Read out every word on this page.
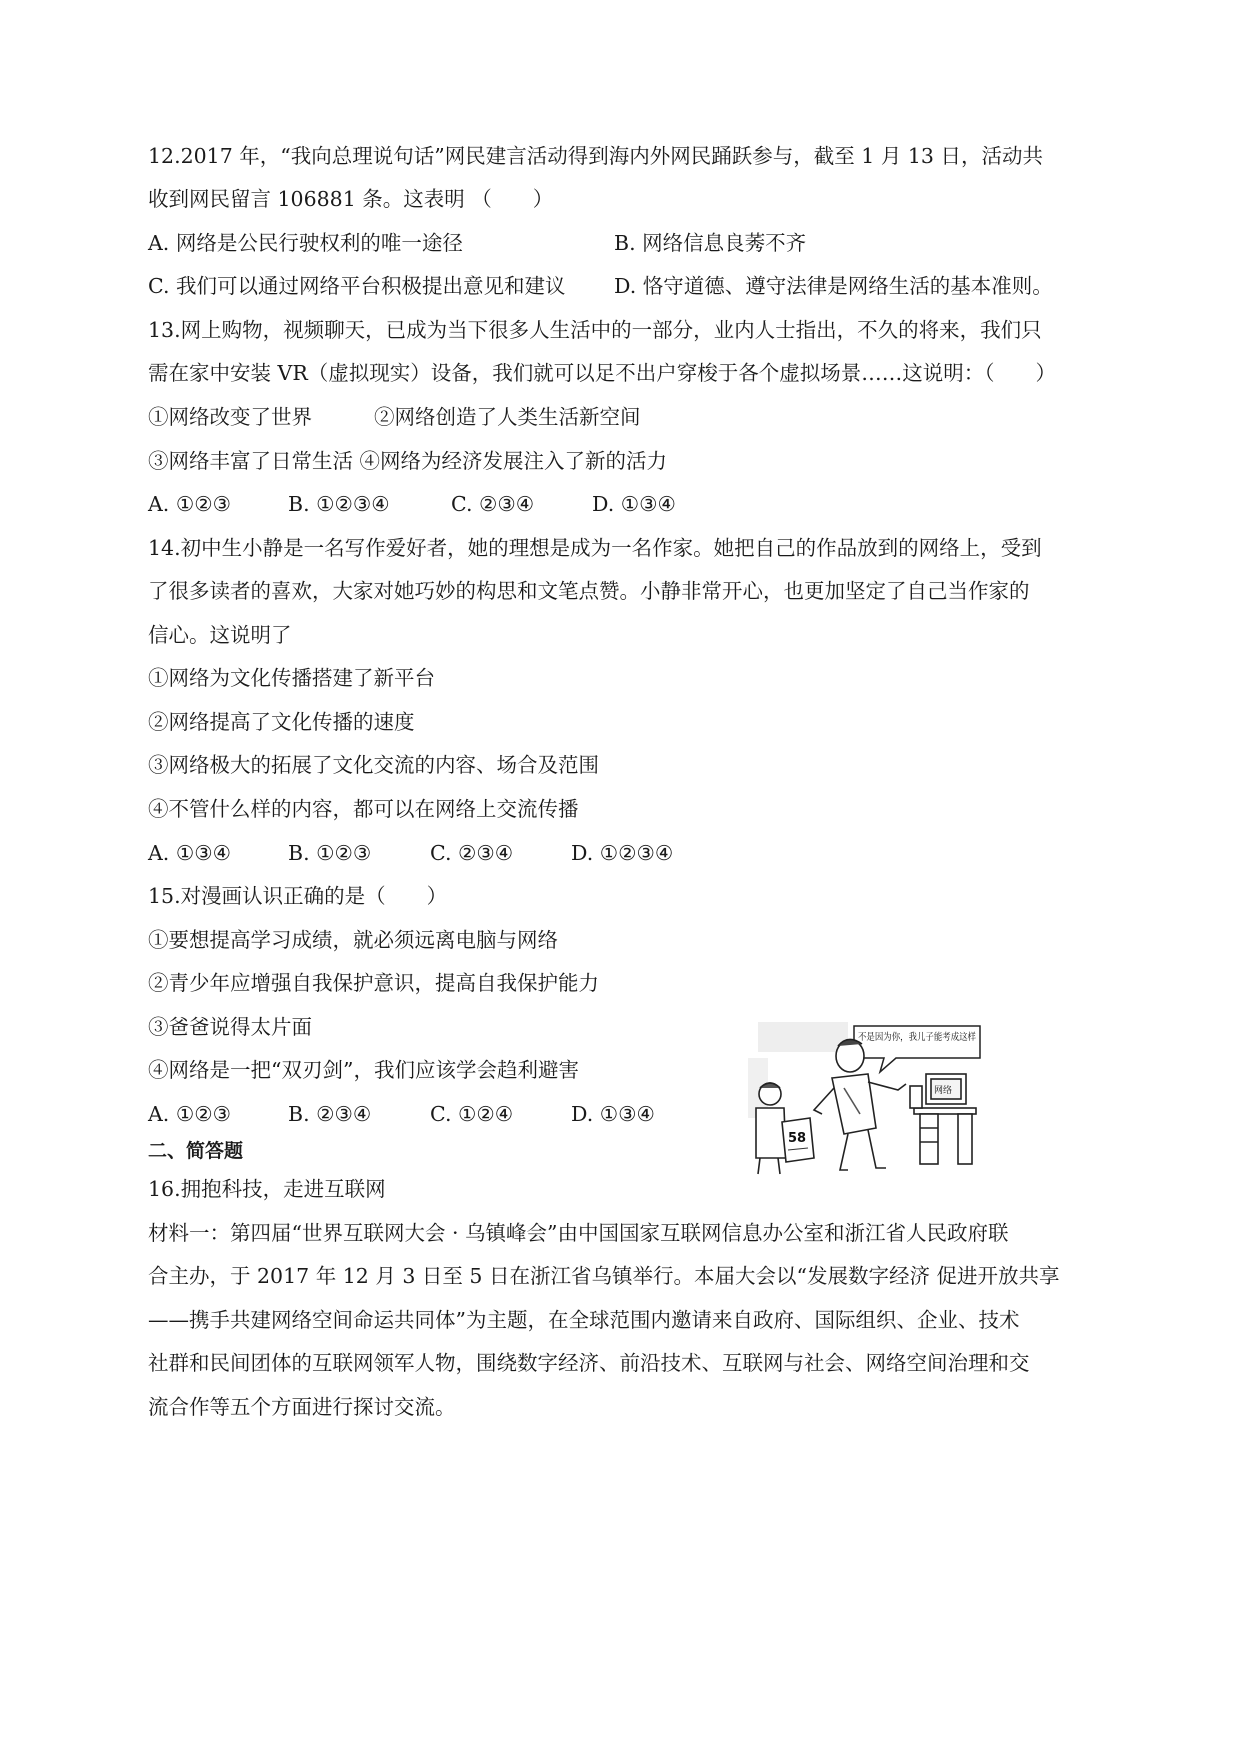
12.2017 年，“我向总理说句话”网民建言活动得到海内外网民踊跃参与，截至 1 月 13 日，活动共
收到网民留言 106881 条。这表明 （　　）
A. 网络是公民行驶权利的唯一途径	B. 网络信息良莠不齐
C. 我们可以通过网络平台积极提出意见和建议 D. 恪守道德、遵守法律是网络生活的基本准则。
13.网上购物，视频聊天，已成为当下很多人生活中的一部分，业内人士指出，不久的将来，我们只
需在家中安装 VR（虚拟现实）设备，我们就可以足不出户穿梭于各个虚拟场景……这说明：（　　）
①网络改变了世界	②网络创造了人类生活新空间
③网络丰富了日常生活 ④网络为经济发展注入了新的活力
A. ①②③	B. ①②③④	C. ②③④	D. ①③④
14.初中生小静是一名写作爱好者，她的理想是成为一名作家。她把自己的作品放到的网络上，受到
了很多读者的喜欢，大家对她巧妙的构思和文笔点赞。小静非常开心，也更加坚定了自己当作家的
信心。这说明了
①网络为文化传播搭建了新平台
②网络提高了文化传播的速度
③网络极大的拓展了文化交流的内容、场合及范围
④不管什么样的内容，都可以在网络上交流传播
A. ①③④	B. ①②③	C. ②③④	D. ①②③④
15.对漫画认识正确的是（　　）
①要想提高学习成绩，就必须远离电脑与网络
②青少年应增强自我保护意识，提高自我保护能力
③爸爸说得太片面
④网络是一把“双刃剑”，我们应该学会趋利避害
A. ①②③	B. ②③④	C. ①②④	D. ①③④
不是因为你，我儿子能考成这样
58
网络
二、简答题
16.拥抱科技，走进互联网
材料一：第四届“世界互联网大会 · 乌镇峰会”由中国国家互联网信息办公室和浙江省人民政府联
合主办，于 2017 年 12 月 3 日至 5 日在浙江省乌镇举行。本届大会以“发展数字经济 促进开放共享
——携手共建网络空间命运共同体”为主题，在全球范围内邀请来自政府、国际组织、企业、技术
社群和民间团体的互联网领军人物，围绕数字经济、前沿技术、互联网与社会、网络空间治理和交
流合作等五个方面进行探讨交流。
